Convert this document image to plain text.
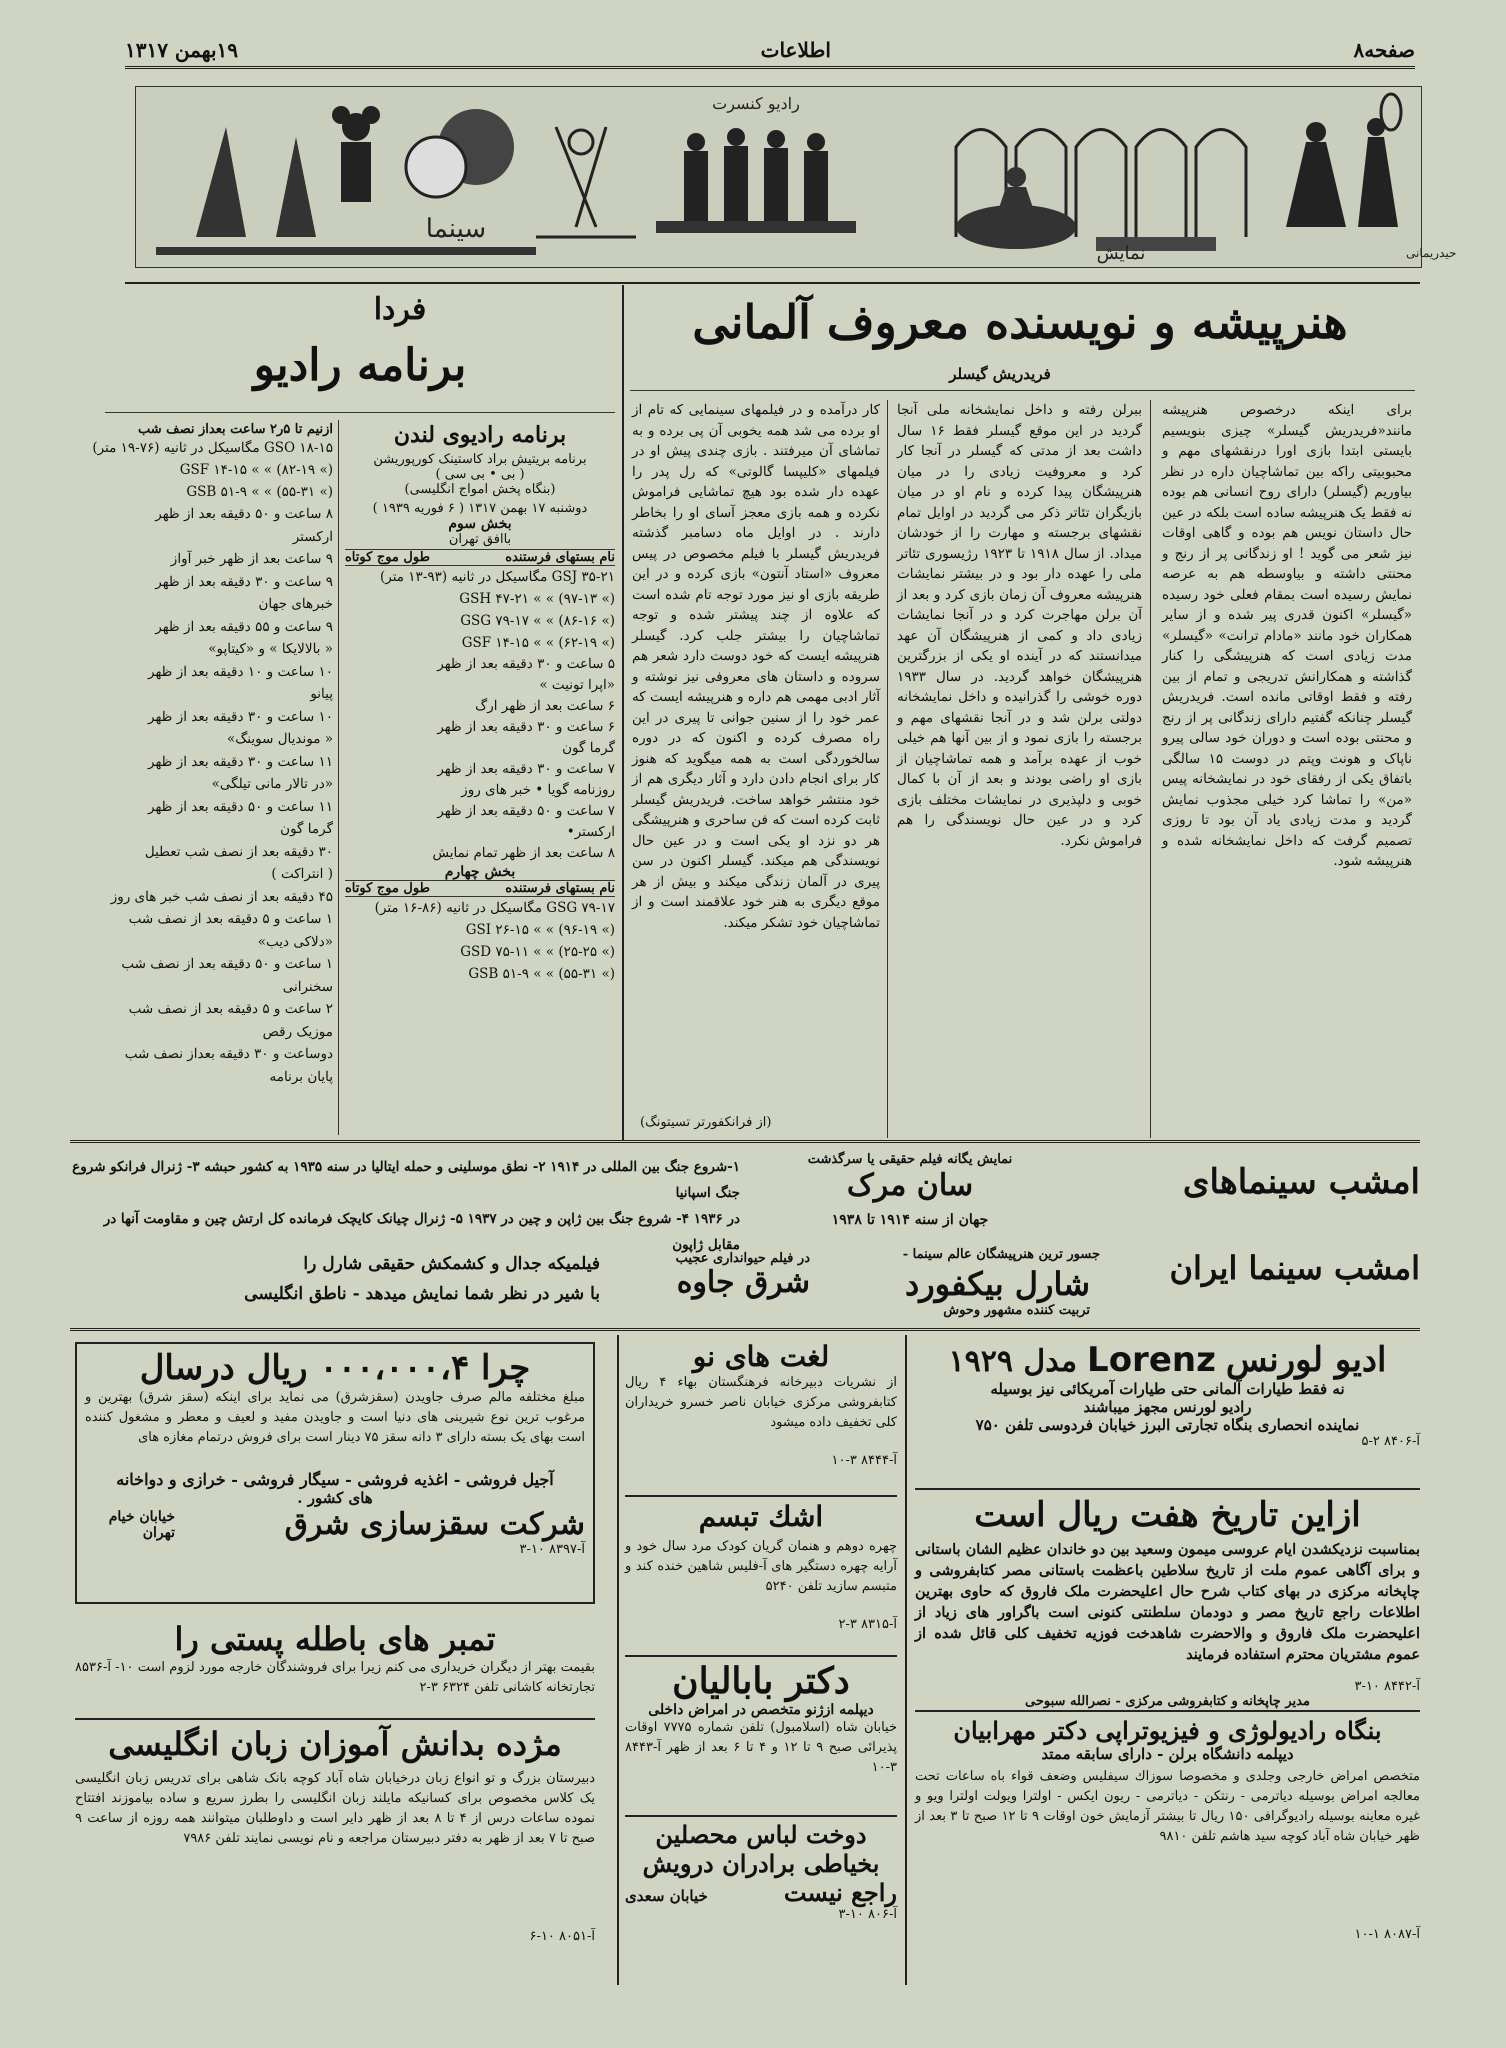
صفحه۸
اطلاعات
۱۹بهمن ۱۳۱۷
نمایش	حیدریمانی
رادیو کنسرت
سینما
هنرپیشه و نویسنده معروف آلمانی
فریدریش گیسلر

برای اینکه درخصوص هنرپیشه مانند«فریدریش گیسلر» چیزی بنویسیم بایستی ابتدا بازی اورا درنقشهای مهم و محبوبیتی راکه بین تماشاچیان داره در نظر بیاوریم (گیسلر) دارای روح انسانی هم بوده نه فقط یک هنرپیشه ساده است بلکه در عین حال داستان نویس هم بوده و گاهی اوقات نیز شعر می گوید ! او زندگانی پر از رنج و محنتی داشته و بیاوسطه هم به عرصه نمایش رسیده است بمقام فعلی خود رسیده «گیسلر» اکنون قدری پیر شده و از سایر همکاران خود مانند «مادام ترانت» «گیسلر» مدت زیادی است که هنرپیشگی را کنار گذاشته و همکارانش تدریجی و تمام از بین رفته و فقط اوقاتی مانده است. فریدریش گیسلر چنانکه گفتیم دارای زندگانی پر از رنج و محنتی بوده است و دوران خود سالی پیرو ناپاک و هونت وپتم در دوست ۱۵ سالگی باتفاق یکی از رفقای خود در نمایشخانه پیس «من» را تماشا کرد خیلی مجذوب نمایش گردید و مدت زیادی یاد آن بود تا روزی تصمیم گرفت که داخل نمایشخانه شده و هنرپیشه شود.

ببرلن رفته و داخل نمایشخانه ملی آنجا گردید در این موقع گیسلر فقط ۱۶ سال داشت بعد از مدتی که گیسلر در آنجا کار کرد و معروفیت زیادی را در میان هنرپیشگان پیدا کرده و نام او در میان بازیگران تئاتر ذکر می گردید در اوایل تمام نقشهای برجسته و مهارت را از خودشان میداد. از سال ۱۹۱۸ تا ۱۹۲۳ رژیسوری تئاتر ملی را عهده دار بود و در بیشتر نمایشات هنرپیشه معروف آن زمان بازی کرد و بعد از آن برلن مهاجرت کرد و در آنجا نمایشات زیادی داد و کمی از هنرپیشگان آن عهد میدانستند که در آینده او یکی از بزرگترین هنرپیشگان خواهد گردید. در سال ۱۹۳۳ دوره خوشی را گذرانیده و داخل نمایشخانه دولتی برلن شد و در آنجا نقشهای مهم و برجسته را بازی نمود و از بین آنها هم خیلی خوب از عهده برآمد و همه تماشاچیان از بازی او راضی بودند و بعد از آن با کمال خوبی و دلپذیری در نمایشات مختلف بازی کرد و در عین حال نویسندگی را هم فراموش نکرد.

کار درآمده و در فیلمهای سینمایی که تام از او برده می شد همه یخوبی آن پی برده و به تماشای آن میرفتند . بازی چندی پیش او در فیلمهای «کلیپسا گالوتی» که رل پدر را عهده دار شده بود هیچ تماشایی فراموش نکرده و همه بازی معجز آسای او را بخاطر دارند . در اوایل ماه دسامبر گذشته فریدریش گیسلر با فیلم مخصوص در پیس معروف «استاد آنتون» بازی کرده و در این طریقه بازی او نیز مورد توجه تام شده است که علاوه از چند پیشتر شده و توجه تماشاچیان را بیشتر جلب کرد. گیسلر هنرپیشه ایست که خود دوست دارد شعر هم سروده و داستان های معروفی نیز نوشته و آثار ادبی مهمی هم داره و هنرپیشه ایست که عمر خود را از سنین جوانی تا پیری در این راه مصرف کرده و اکنون که در دوره سالخوردگی است به همه میگوید که هنوز کار برای انجام دادن دارد و آثار دیگری هم از خود منتشر خواهد ساخت. فریدریش گیسلر ثابت کرده است که فن ساحری و هنرپیشگی هر دو نزد او یکی است و در عین حال نویسندگی هم میکند. گیسلر اکنون در سن پیری در آلمان زندگی میکند و بیش از هر موقع دیگری به هنر خود علاقمند است و از تماشاچیان خود تشکر میکند.

(از فرانکفورتر تسیتونگ)
فردا
برنامه رادیو
برنامه رادیوی لندن
برنامه بریتیش براد کاستینک کورپوریشن
( بی • بی سی )
(بنگاه پخش امواج انگلیسی)
دوشنبه ۱۷ بهمن ۱۳۱۷ ( ۶ فوریه ۱۹۳۹ )
بخش سوم
باافق تهران
نام بستهای فرستنده
طول موج کوتاه
GSJ ۳۵-۲۱ مگاسیکل در ثانیه (۹۳-۱۳ متر)
GSH ۴۷-۲۱ « « (۹۷-۱۳ «)
GSG ۷۹-۱۷ « « (۸۶-۱۶ «)
GSF ۱۴-۱۵ « « (۶۲-۱۹ «)
۵ ساعت و ۳۰ دقیقه بعد از ظهر
«اپرا تونیت »
۶ ساعت بعد از ظهر ارگ
۶ ساعت و ۳۰ دقیقه بعد از ظهر
گرما گون
۷ ساعت و ۳۰ دقیقه بعد از ظهر
روزنامه گویا • خبر های روز
۷ ساعت و ۵۰ دقیقه بعد از ظهر
ارکستر•
۸ ساعت بعد از ظهر تمام نمایش
بخش چهارم
نام بستهای فرستنده
طول موج کوتاه
GSG ۷۹-۱۷ مگاسیکل در ثانیه (۸۶-۱۶ متر)
GSI ۲۶-۱۵ « « (۹۶-۱۹ «)
GSD ۷۵-۱۱ « « (۲۵-۲۵ «)
GSB ۵۱-۹ « « (۵۵-۳۱ «)
ازنیم تا ۵ر۲ ساعت بعداز نصف شب
GSO ۱۸-۱۵ مگاسیکل در ثانیه (۷۶-۱۹ متر)
GSF ۱۴-۱۵ « « (۸۲-۱۹ «)
GSB ۵۱-۹ « « (۵۵-۳۱ «)
۸ ساعت و ۵۰ دقیقه بعد از ظهر
ارکستر
۹ ساعت بعد از ظهر خبر آواز
۹ ساعت و ۳۰ دقیقه بعد از ظهر
خبرهای جهان
۹ ساعت و ۵۵ دقیقه بعد از ظهر
« بالالایکا » و «کیتاپو»
۱۰ ساعت و ۱۰ دقیقه بعد از ظهر
پیانو
۱۰ ساعت و ۳۰ دقیقه بعد از ظهر
« موندیال سوینگ»
۱۱ ساعت و ۳۰ دقیقه بعد از ظهر
«در تالار مانی تیلگی»
۱۱ ساعت و ۵۰ دقیقه بعد از ظهر
گرما گون
۳۰ دقیقه بعد از نصف شب تعطیل
( انتراکت )
۴۵ دقیقه بعد از نصف شب خبر های روز
۱ ساعت و ۵ دقیقه بعد از نصف شب
«دلاکی دیب»
۱ ساعت و ۵۰ دقیقه بعد از نصف شب
سخنرانی
۲ ساعت و ۵ دقیقه بعد از نصف شب
موزیک رقص
دوساعت و ۳۰ دقیقه بعداز نصف شب
پایان برنامه
امشب سینماهای
نمایش یگانه فیلم حقیقی یا سرگذشت
سان مرک
جهان از سنه ۱۹۱۴ تا ۱۹۳۸
۱-شروع جنگ بین المللی در ۱۹۱۴ ۲- نطق موسلینی و حمله ایتالیا در سنه ۱۹۳۵ به کشور حبشه ۳- ژنرال فرانکو شروع جنگ اسپانیا
در ۱۹۳۶ ۴- شروع جنگ بین ژاپن و چین در ۱۹۳۷ ۵- ژنرال چیانک کایچک فرمانده کل ارتش چین و مقاومت آنها در مقابل ژاپون
امشب سینما ایران
جسور ترین هنرپیشگان عالم سینما -
شارل بیکفورد
تربیت کننده مشهور وحوش
در فیلم حیوانداری عجیب
شرق جاوه
فیلمیکه جدال و کشمکش حقیقی شارل را
با شیر در نظر شما نمایش میدهد - ناطق انگلیسی
ادیو لورنس
Lorenz
مدل ۱۹۲۹
نه فقط طیارات آلمانی حتی طیارات آمریکائی نیز بوسیله
رادیو لورنس مجهز میباشند
نماینده انحصاری بنگاه تجارتی البرز خیابان فردوسی تلفن ۷۵۰
آ-۸۴۰۶ ۲-۵
ازاین تاریخ هفت ریال است
بمناسبت نزدیکشدن ایام عروسی میمون وسعید بین دو خاندان عظیم الشان باستانی و برای آگاهی عموم ملت از تاریخ سلاطین باعظمت باستانی مصر کتابفروشی و چاپخانه مرکزی در بهای کتاب شرح حال اعلیحضرت ملک فاروق که حاوی بهترین اطلاعات راجع تاریخ مصر و دودمان سلطنتی کنونی است باگراور های زیاد از اعلیحضرت ملک فاروق و والاحضرت شاهدخت فوزیه تخفیف کلی قائل شده از عموم مشتریان محترم استفاده فرمایند
آ-۸۴۴۲ ۱۰-۳
مدیر چاپخانه و کتابفروشی مرکزی - نصرالله سبوحی
بنگاه رادیولوژی و فیزیوتراپی دکتر مهرابیان
دیپلمه دانشگاه برلن - دارای سابقه ممتد
متخصص امراض خارجی وجلدی و مخصوصا سوزاك سیفلیس وضعف قواء باه ساعات تحت معالجه امراض بوسیله دیاترمی - رنتکن - دیاترمی - ریون ایکس - اولترا ویولت اولترا ویو و غیره معاینه بوسیله رادیوگرافی ۱۵۰ ریال تا بیشتر آزمایش خون اوقات ۹ تا ۱۲ صبح تا ۳ بعد از ظهر خیابان شاه آباد کوچه سید هاشم تلفن ۹۸۱۰
آ-۸۰۸۷ ۱-۱۰
لغت های نو
از نشریات دبیرخانه فرهنگستان بهاء ۴ ریال کتابفروشی مرکزی خیابان ناصر خسرو خریداران کلی تخفیف داده میشود
آ-۸۴۴۴ ۳-۱۰
اشك تبسم
چهره دوهم و هنمان گریان کودک مرد سال خود و آرایه چهره دستگیر های آ-فلیس شاهین خنده کند و متبسم سازید تلفن ۵۲۴۰
آ-۸۳۱۵ ۳-۲
دکتر بابالیان
دیپلمه ازژنو متخصص در امراض داخلی
خیابان شاه (اسلامبول) تلفن شماره ۷۷۷۵ اوقات پذیرائی صبح ۹ تا ۱۲ و ۴ تا ۶ بعد از ظهر آ-۸۴۴۳ ۳-۱۰
دوخت لباس محصلین
بخیاطی برادران درویش
راجع نیست
خیابان سعدی
آ-۸۰۶ ۱۰-۳
چرا ۰۰۰،۰۰۰،۴ ریال درسال
مبلغ مختلفه مالم صرف جاویدن (سقزشرق) می نماید برای اینکه (سقز شرق) بهترین و مرغوب ترین نوع شیرینی های دنیا است و جاویدن مفید و لعیف و معطر و مشغول کننده است بهای یک بسته دارای ۳ دانه سقز ۷۵ دینار است برای فروش درتمام مغازه های
آجیل فروشی - اغذیه فروشی - سیگار فروشی - خرازی و دواخانه
های کشور .
شرکت سقزسازی شرق
خیابان خیام تهران
آ-۸۳۹۷ ۱۰-۳
تمبر های باطله پستی را
بقیمت بهتر از دیگران خریداری می کنم زیرا برای فروشندگان خارجه مورد لزوم است ۱۰- آ-۸۵۳۶ تجارتخانه کاشانی تلفن ۶۳۲۴ ۳-۲
مژده بدانش آموزان زبان انگلیسی
دبیرستان بزرگ و تو انواع زبان درخیابان شاه آباد کوچه بانک شاهی برای تدریس زبان انگلیسی یک کلاس مخصوص برای کسانیکه مایلند زبان انگلیسی را بطرز سریع و ساده بیاموزند افتتاح نموده ساعات درس از ۴ تا ۸ بعد از ظهر دایر است و داوطلبان میتوانند همه روزه از ساعت ۹ صبح تا ۷ بعد از ظهر به دفتر دبیرستان مراجعه و نام نویسی نمایند تلفن ۷۹۸۶
آ-۸۰۵۱ ۱۰-۶
